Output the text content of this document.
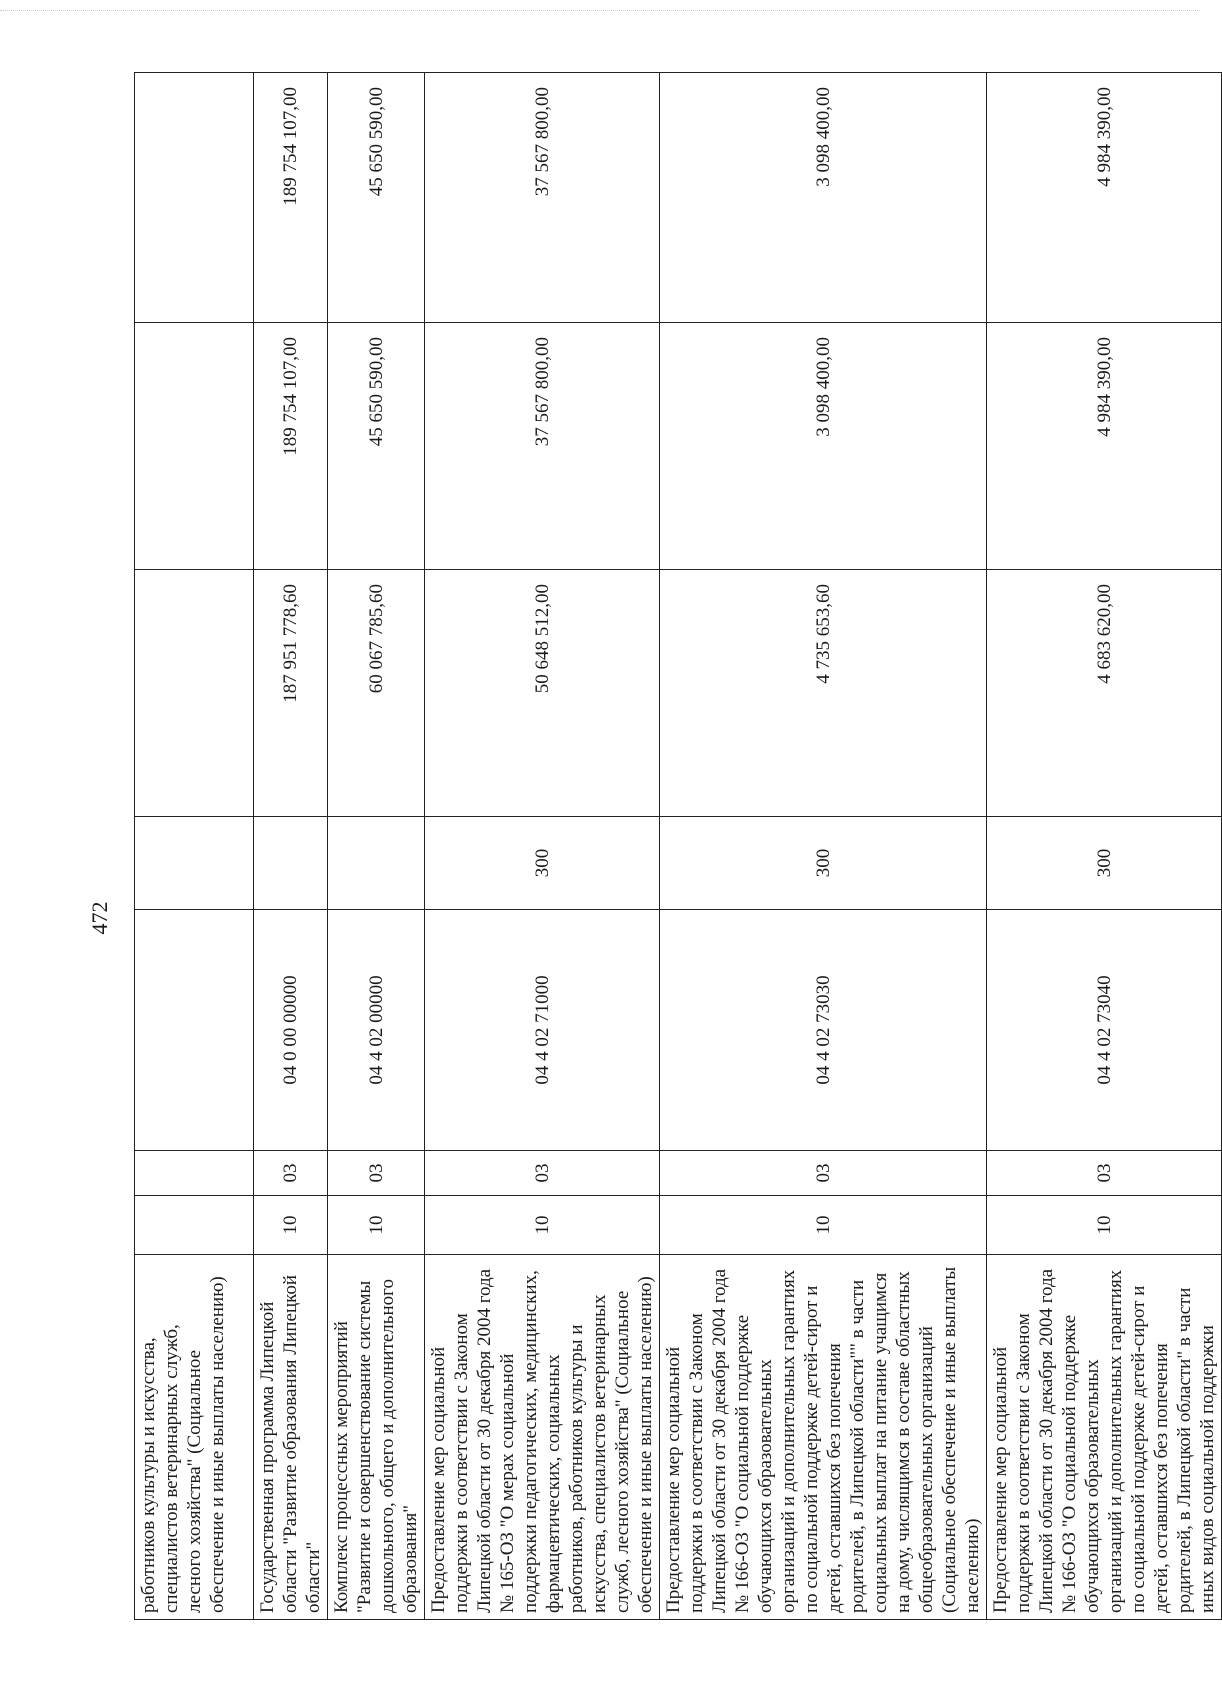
472
работников культуры и искусства, специалистов ветеринарных служб, лесного хозяйства" (Социальное обеспечение и иные выплаты населению)							
Государственная программа Липецкой области "Развитие образования Липецкой области"	10	03	04 0 00 00000		187 951 778,60	189 754 107,00	189 754 107,00
Комплекс процессных мероприятий "Развитие и совершенствование системы дошкольного, общего и дополнительного образования"	10	03	04 4 02 00000		60 067 785,60	45 650 590,00	45 650 590,00
Предоставление мер социальной поддержки в соответствии с Законом Липецкой области от 30 декабря 2004 года № 165-ОЗ "О мерах социальной поддержки педагогических, медицинских, фармацевтических, социальных работников, работников культуры и искусства, специалистов ветеринарных служб, лесного хозяйства" (Социальное обеспечение и иные выплаты населению)	10	03	04 4 02 71000	300	50 648 512,00	37 567 800,00	37 567 800,00
Предоставление мер социальной поддержки в соответствии с Законом Липецкой области от 30 декабря 2004 года № 166-ОЗ "О социальной поддержке обучающихся образовательных организаций и дополнительных гарантиях по социальной поддержке детей-сирот и детей, оставшихся без попечения родителей, в Липецкой области"" в части социальных выплат на питание учащимся на дому, числящимся в составе областных общеобразовательных организаций (Социальное обеспечение и иные выплаты населению)	10	03	04 4 02 73030	300	4 735 653,60	3 098 400,00	3 098 400,00
Предоставление мер социальной поддержки в соответствии с Законом Липецкой области от 30 декабря 2004 года № 166-ОЗ "О социальной поддержке обучающихся образовательных организаций и дополнительных гарантиях по социальной поддержке детей-сирот и детей, оставшихся без попечения родителей, в Липецкой области" в части иных видов социальной поддержки	10	03	04 4 02 73040	300	4 683 620,00	4 984 390,00	4 984 390,00
